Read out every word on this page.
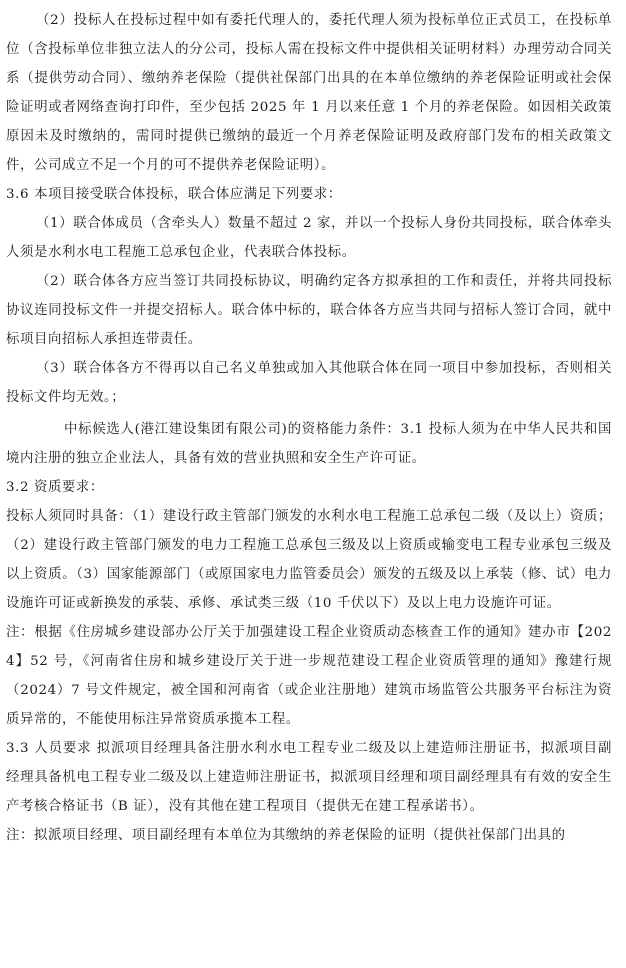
（2）投标人在投标过程中如有委托代理人的，委托代理人须为投标单位正式员工，在投标单位（含投标单位非独立法人的分公司，投标人需在投标文件中提供相关证明材料）办理劳动合同关系（提供劳动合同）、缴纳养老保险（提供社保部门出具的在本单位缴纳的养老保险证明或社会保险证明或者网络查询打印件，至少包括 2025 年 1 月以来任意 1 个月的养老保险。如因相关政策原因未及时缴纳的，需同时提供已缴纳的最近一个月养老保险证明及政府部门发布的相关政策文件，公司成立不足一个月的可不提供养老保险证明）。

3.6 本项目接受联合体投标，联合体应满足下列要求：

（1）联合体成员（含牵头人）数量不超过 2 家，并以一个投标人身份共同投标，联合体牵头人须是水利水电工程施工总承包企业，代表联合体投标。

（2）联合体各方应当签订共同投标协议，明确约定各方拟承担的工作和责任，并将共同投标协议连同投标文件一并提交招标人。联合体中标的，联合体各方应当共同与招标人签订合同，就中标项目向招标人承担连带责任。

（3）联合体各方不得再以自己名义单独或加入其他联合体在同一项目中参加投标，否则相关投标文件均无效。；

中标候选人(港江建设集团有限公司)的资格能力条件：3.1 投标人须为在中华人民共和国境内注册的独立企业法人，具备有效的营业执照和安全生产许可证。

3.2 资质要求：

投标人须同时具备：（1）建设行政主管部门颁发的水利水电工程施工总承包二级（及以上）资质；（2）建设行政主管部门颁发的电力工程施工总承包三级及以上资质或输变电工程专业承包三级及以上资质。（3）国家能源部门（或原国家电力监管委员会）颁发的五级及以上承装（修、试）电力设施许可证或新换发的承装、承修、承试类三级（10 千伏以下）及以上电力设施许可证。

注：根据《住房城乡建设部办公厅关于加强建设工程企业资质动态核查工作的通知》建办市【2024】52 号，《河南省住房和城乡建设厅关于进一步规范建设工程企业资质管理的通知》豫建行规（2024）7 号文件规定，被全国和河南省（或企业注册地）建筑市场监管公共服务平台标注为资质异常的，不能使用标注异常资质承揽本工程。

3.3 人员要求 拟派项目经理具备注册水利水电工程专业二级及以上建造师注册证书，拟派项目副经理具备机电工程专业二级及以上建造师注册证书，拟派项目经理和项目副经理具有有效的安全生产考核合格证书（B 证），没有其他在建工程项目（提供无在建工程承诺书）。

注：拟派项目经理、项目副经理有本单位为其缴纳的养老保险的证明（提供社保部门出具的
